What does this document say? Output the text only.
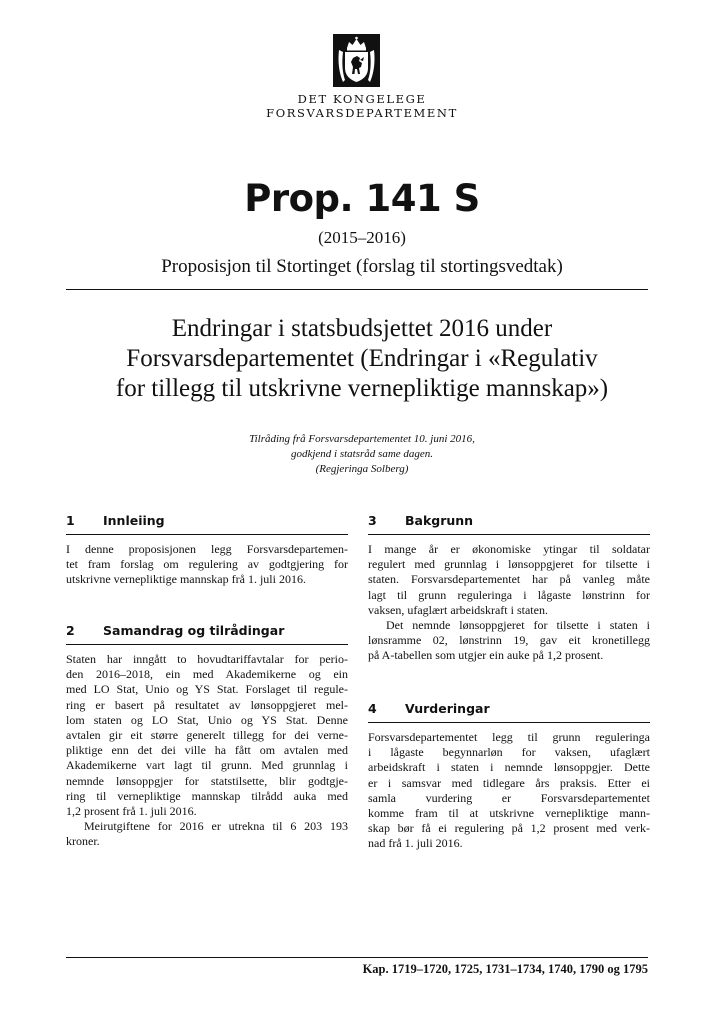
DET KONGELEGE
FORSVARSDEPARTEMENT
Prop. 141 S
(2015–2016)
Proposisjon til Stortinget (forslag til stortingsvedtak)
Endringar i statsbudsjettet 2016 under
Forsvarsdepartementet (Endringar i «Regulativ
for tillegg til utskrivne vernepliktige mannskap»)
Tilråding frå Forsvarsdepartementet 10. juni 2016,
godkjend i statsråd same dagen.
(Regjeringa Solberg)
1 Innleiing
I denne proposisjonen legg Forsvarsdepartemen-
tet fram forslag om regulering av godtgjering for
utskrivne vernepliktige mannskap frå 1. juli 2016.
2 Samandrag og tilrådingar
Staten har inngått to hovudtariffavtalar for perio-
den 2016–2018, ein med Akademikerne og ein
med LO Stat, Unio og YS Stat. Forslaget til regule-
ring er basert på resultatet av lønsoppgjeret mel-
lom staten og LO Stat, Unio og YS Stat. Denne
avtalen gir eit større generelt tillegg for dei verne-
pliktige enn det dei ville ha fått om avtalen med
Akademikerne vart lagt til grunn. Med grunnlag i
nemnde lønsoppgjer for statstilsette, blir godtgje-
ring til vernepliktige mannskap tilrådd auka med
1,2 prosent frå 1. juli 2016.
Meirutgiftene for 2016 er utrekna til 6 203 193
kroner.
3 Bakgrunn
I mange år er økonomiske ytingar til soldatar
regulert med grunnlag i lønsoppgjeret for tilsette i
staten. Forsvarsdepartementet har på vanleg måte
lagt til grunn reguleringa i lågaste lønstrinn for
vaksen, ufaglært arbeidskraft i staten.
Det nemnde lønsoppgjeret for tilsette i staten i
lønsramme 02, lønstrinn 19, gav eit kronetillegg
på A-tabellen som utgjer ein auke på 1,2 prosent.
4 Vurderingar
Forsvarsdepartementet legg til grunn reguleringa
i lågaste begynnarløn for vaksen, ufaglært
arbeidskraft i staten i nemnde lønsoppgjer. Dette
er i samsvar med tidlegare års praksis. Etter ei
samla vurdering er Forsvarsdepartementet
komme fram til at utskrivne vernepliktige mann-
skap bør få ei regulering på 1,2 prosent med verk-
nad frå 1. juli 2016.
Kap. 1719–1720, 1725, 1731–1734, 1740, 1790 og 1795
